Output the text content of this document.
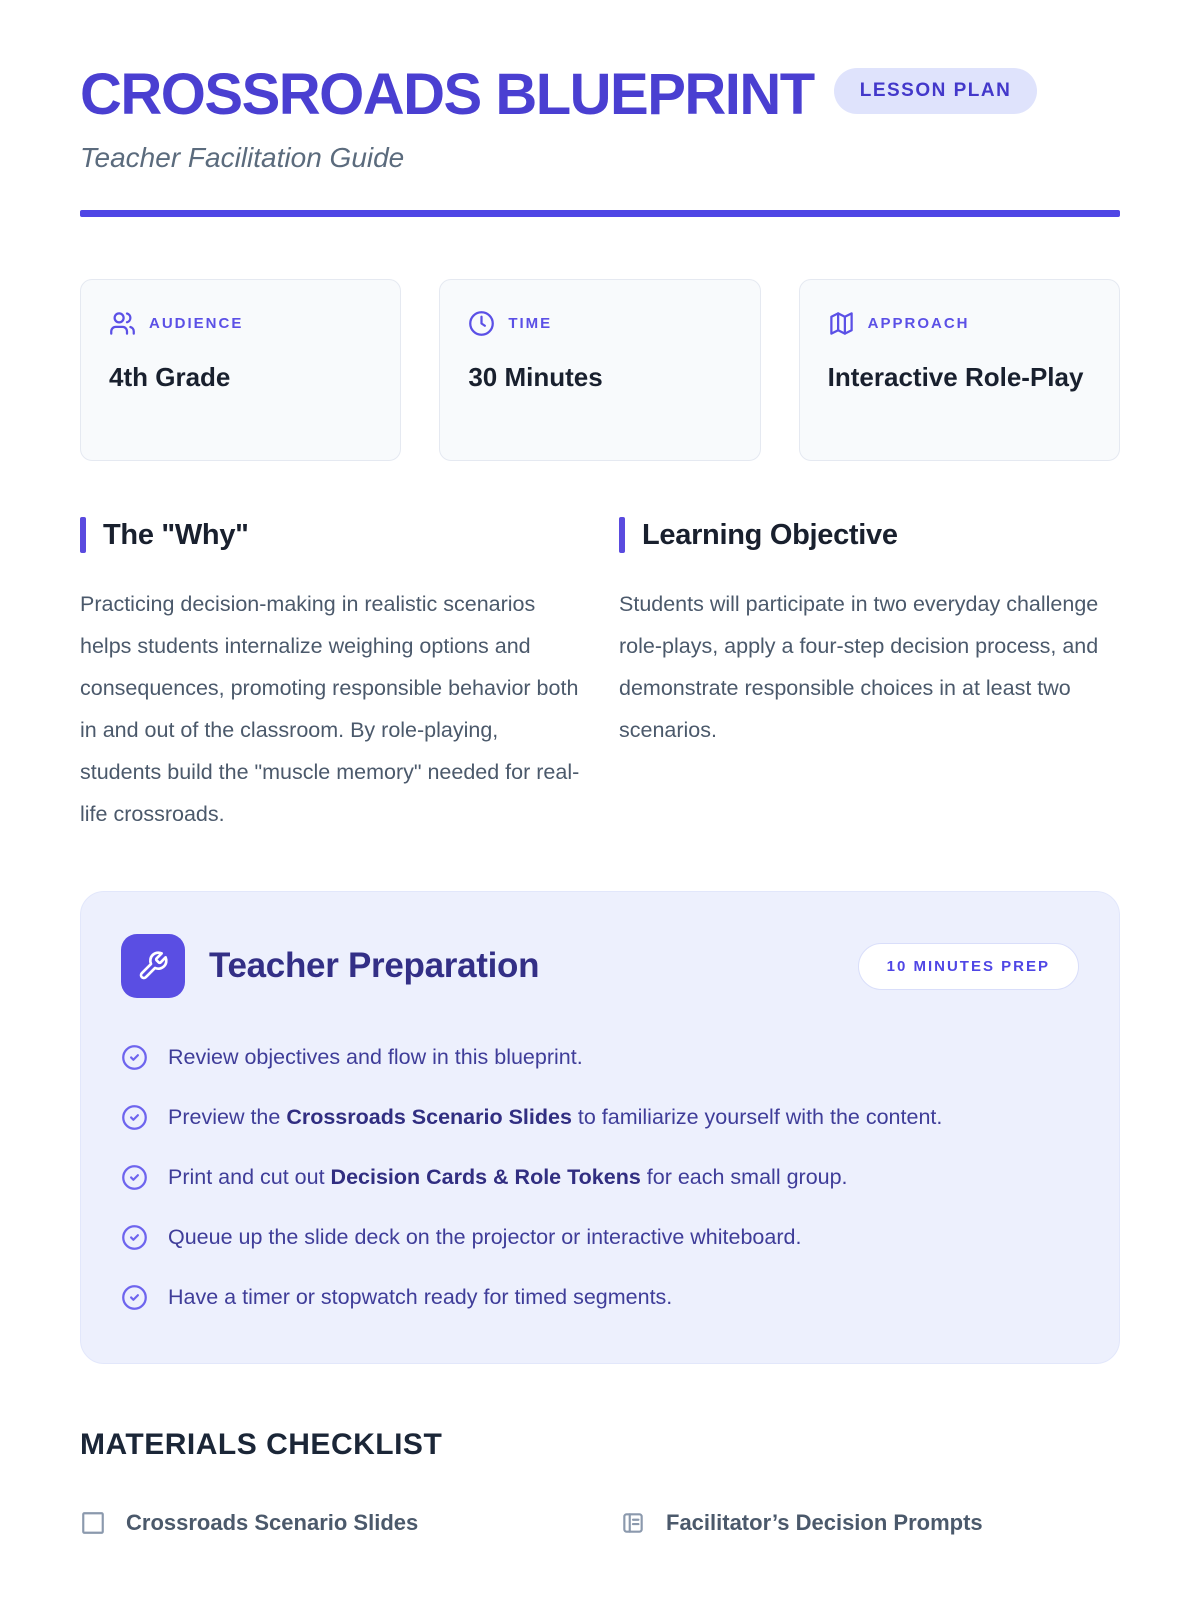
CROSSROADS BLUEPRINT	LESSON PLAN
Teacher Facilitation Guide
AUDIENCE
4th Grade
TIME
30 Minutes
APPROACH
Interactive Role-Play
The "Why"
Practicing decision-making in realistic scenarios helps students internalize weighing options and consequences, promoting responsible behavior both in and out of the classroom. By role-playing, students build the "muscle memory" needed for real-life crossroads.
Learning Objective
Students will participate in two everyday challenge role-plays, apply a four-step decision process, and demonstrate responsible choices in at least two scenarios.
Teacher Preparation	10 MINUTES PREP
Review objectives and flow in this blueprint.
Preview the Crossroads Scenario Slides to familiarize yourself with the content.
Print and cut out Decision Cards & Role Tokens for each small group.
Queue up the slide deck on the projector or interactive whiteboard.
Have a timer or stopwatch ready for timed segments.
MATERIALS CHECKLIST
Crossroads Scenario Slides	Facilitator’s Decision Prompts
